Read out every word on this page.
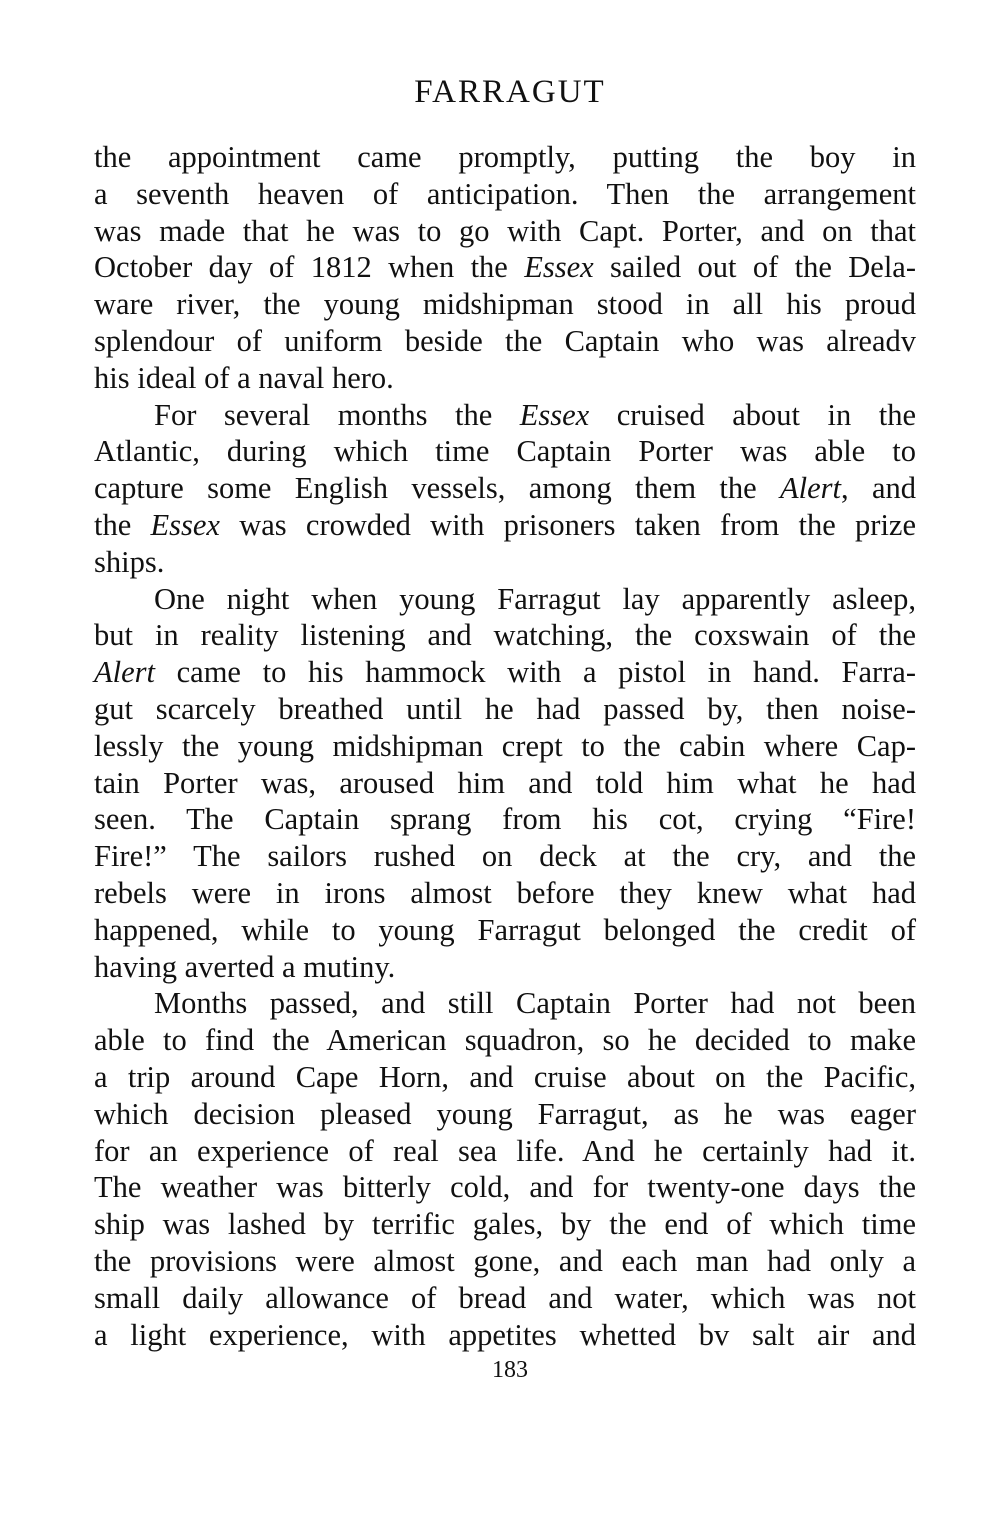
FARRAGUT
the appointment came promptly, putting the boy in
a seventh heaven of anticipation. Then the arrangement
was made that he was to go with Capt. Porter, and on that
October day of 1812 when the Essex sailed out of the Dela-
ware river, the young midshipman stood in all his proud
splendour of uniform beside the Captain who was alreadv
his ideal of a naval hero.
For several months the Essex cruised about in the
Atlantic, during which time Captain Porter was able to
capture some English vessels, among them the Alert, and
the Essex was crowded with prisoners taken from the prize
ships.
One night when young Farragut lay apparently asleep,
but in reality listening and watching, the coxswain of the
Alert came to his hammock with a pistol in hand. Farra-
gut scarcely breathed until he had passed by, then noise-
lessly the young midshipman crept to the cabin where Cap-
tain Porter was, aroused him and told him what he had
seen. The Captain sprang from his cot, crying “Fire!
Fire!” The sailors rushed on deck at the cry, and the
rebels were in irons almost before they knew what had
happened, while to young Farragut belonged the credit of
having averted a mutiny.
Months passed, and still Captain Porter had not been
able to find the American squadron, so he decided to make
a trip around Cape Horn, and cruise about on the Pacific,
which decision pleased young Farragut, as he was eager
for an experience of real sea life. And he certainly had it.
The weather was bitterly cold, and for twenty-one days the
ship was lashed by terrific gales, by the end of which time
the provisions were almost gone, and each man had only a
small daily allowance of bread and water, which was not
a light experience, with appetites whetted bv salt air and
183
